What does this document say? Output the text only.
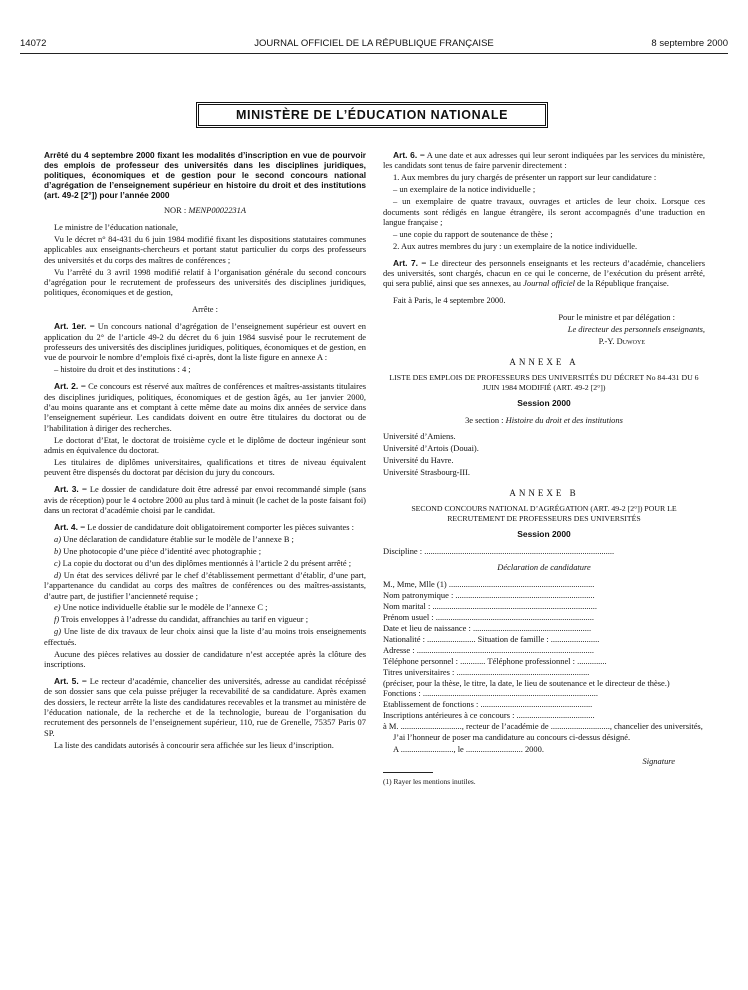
14072	JOURNAL OFFICIEL DE LA RÉPUBLIQUE FRANÇAISE	8 septembre 2000
MINISTÈRE DE L’ÉDUCATION NATIONALE
Arrêté du 4 septembre 2000 fixant les modalités d’inscription en vue de pourvoir des emplois de professeur des universités dans les disciplines juridiques, politiques, économiques et de gestion pour le second concours national d’agrégation de l’enseignement supérieur en histoire du droit et des institutions (art. 49-2 [2°]) pour l’année 2000

NOR : MENP0002231A

Le ministre de l’éducation nationale,

Vu le décret n° 84-431 du 6 juin 1984 modifié fixant les dispositions statutaires communes applicables aux enseignants-chercheurs et portant statut particulier du corps des professeurs des universités et du corps des maîtres de conférences ;

Vu l’arrêté du 3 avril 1998 modifié relatif à l’organisation générale du second concours d’agrégation pour le recrutement de professeurs des universités des disciplines juridiques, politiques, économiques et de gestion,

Arrête :

Art. 1er. − Un concours national d’agrégation de l’enseignement supérieur est ouvert en application du 2° de l’article 49-2 du décret du 6 juin 1984 susvisé pour le recrutement de professeurs des universités des disciplines juridiques, politiques, économiques et de gestion, en vue de pourvoir le nombre d’emplois fixé ci-après, dont la liste figure en annexe A :

– histoire du droit et des institutions : 4 ;

Art. 2. − Ce concours est réservé aux maîtres de conférences et maîtres-assistants titulaires des disciplines juridiques, politiques, économiques et de gestion âgés, au 1er janvier 2000, d’au moins quarante ans et comptant à cette même date au moins dix années de service dans l’enseignement supérieur. Les candidats doivent en outre être titulaires du doctorat ou de l’habilitation à diriger des recherches.

Le doctorat d’Etat, le doctorat de troisième cycle et le diplôme de docteur ingénieur sont admis en équivalence du doctorat.

Les titulaires de diplômes universitaires, qualifications et titres de niveau équivalent peuvent être dispensés du doctorat par décision du jury du concours.

Art. 3. − Le dossier de candidature doit être adressé par envoi recommandé simple (sans avis de réception) pour le 4 octobre 2000 au plus tard à minuit (le cachet de la poste faisant foi) dans un rectorat d’académie choisi par le candidat.

Art. 4. − Le dossier de candidature doit obligatoirement comporter les pièces suivantes :

a) Une déclaration de candidature établie sur le modèle de l’annexe B ;

b) Une photocopie d’une pièce d’identité avec photographie ;

c) La copie du doctorat ou d’un des diplômes mentionnés à l’article 2 du présent arrêté ;

d) Un état des services délivré par le chef d’établissement permettant d’établir, d’une part, l’appartenance du candidat au corps des maîtres de conférences ou des maîtres-assistants, d’autre part, de justifier l’ancienneté requise ;

e) Une notice individuelle établie sur le modèle de l’annexe C ;

f) Trois enveloppes à l’adresse du candidat, affranchies au tarif en vigueur ;

g) Une liste de dix travaux de leur choix ainsi que la liste d’au moins trois enseignements effectués.

Aucune des pièces relatives au dossier de candidature n’est acceptée après la clôture des inscriptions.

Art. 5. − Le recteur d’académie, chancelier des universités, adresse au candidat récépissé de son dossier sans que cela puisse préjuger la recevabilité de sa candidature. Après examen des dossiers, le recteur arrête la liste des candidatures recevables et la transmet au ministère de l’éducation nationale, de la recherche et de la technologie, bureau de l’organisation du recrutement des personnels de l’enseignement supérieur, 110, rue de Grenelle, 75357 Paris 07 SP.

La liste des candidats autorisés à concourir sera affichée sur les lieux d’inscription.

Art. 6. − A une date et aux adresses qui leur seront indiquées par les services du ministère, les candidats sont tenus de faire parvenir directement :

1. Aux membres du jury chargés de présenter un rapport sur leur candidature :

– un exemplaire de la notice individuelle ;

– un exemplaire de quatre travaux, ouvrages et articles de leur choix. Lorsque ces documents sont rédigés en langue étrangère, ils seront accompagnés d’une traduction en langue française ;

– une copie du rapport de soutenance de thèse ;

2. Aux autres membres du jury : un exemplaire de la notice individuelle.

Art. 7. − Le directeur des personnels enseignants et les recteurs d’académie, chanceliers des universités, sont chargés, chacun en ce qui le concerne, de l’exécution du présent arrêté, qui sera publié, ainsi que ses annexes, au Journal officiel de la République française.

Fait à Paris, le 4 septembre 2000.

Pour le ministre et par délégation :

Le directeur des personnels enseignants,

P.-Y. Duwoye

ANNEXE A
LISTE DES EMPLOIS DE PROFESSEURS DES UNIVERSITÉS DU DÉCRET No 84-431 DU 6 JUIN 1984 MODIFIÉ (ART. 49-2 [2°])
Session 2000

3e section : Histoire du droit et des institutions

Université d’Amiens.

Université d’Artois (Douai).

Université du Havre.

Université Strasbourg-III.

ANNEXE B
SECOND CONCOURS NATIONAL D’AGRÉGATION (ART. 49-2 [2°]) POUR LE RECRUTEMENT DE PROFESSEURS DES UNIVERSITÉS
Session 2000

Discipline : ..........................................................................................

Déclaration de candidature

M., Mme, Mlle (1) .....................................................................

Nom patronymique : ..................................................................

Nom marital : ..............................................................................

Prénom usuel : ...........................................................................

Date et lieu de naissance : ........................................................

Nationalité : ....................... Situation de famille : .......................

Adresse : ....................................................................................

Téléphone personnel : ............ Téléphone professionnel : ..............

Titres universitaires : ...............................................................

(préciser, pour la thèse, le titre, la date, le lieu de soutenance et le directeur de thèse.)

Fonctions : ...................................................................................

Etablissement de fonctions : .....................................................

Inscriptions antérieures à ce concours : .....................................

à M. ............................., recteur de l’académie de ............................, chancelier des universités,

J’ai l’honneur de poser ma candidature au concours ci-dessus désigné.

A ........................., le ........................... 2000.

Signature

(1) Rayer les mentions inutiles.
